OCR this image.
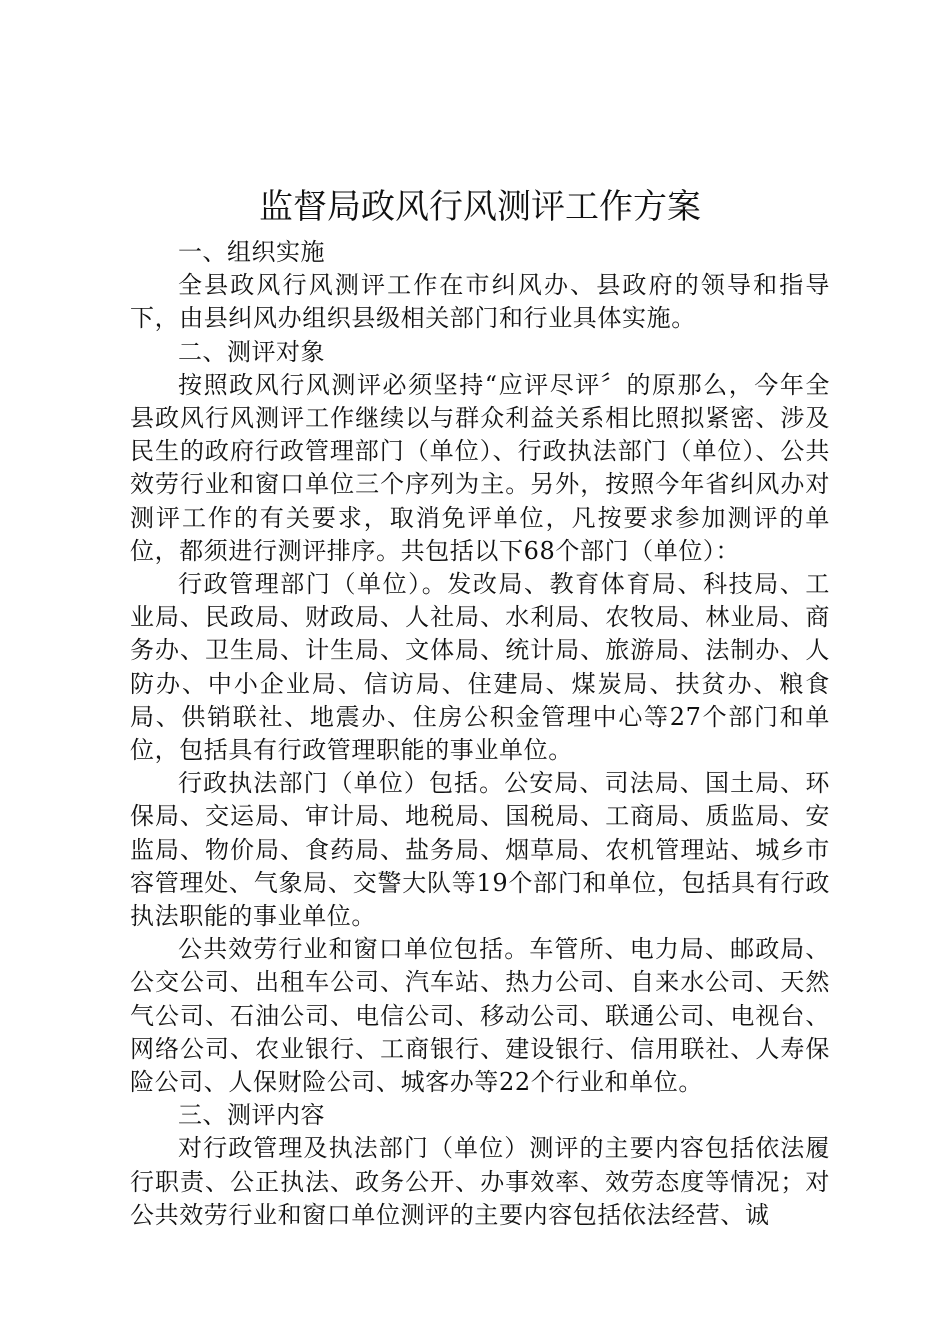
监督局政风行风测评工作方案

一、组织实施

全县政风行风测评工作在市纠风办、县政府的领导和指导下，由县纠风办组织县级相关部门和行业具体实施。

二、测评对象

按照政风行风测评必须坚持“应评尽评〞的原那么，今年全县政风行风测评工作继续以与群众利益关系相比照拟紧密、涉及民生的政府行政管理部门（单位）、行政执法部门（单位）、公共效劳行业和窗口单位三个序列为主。另外，按照今年省纠风办对测评工作的有关要求，取消免评单位，凡按要求参加测评的单位，都须进行测评排序。共包括以下68个部门（单位）：

行政管理部门（单位）。发改局、教育体育局、科技局、工业局、民政局、财政局、人社局、水利局、农牧局、林业局、商务办、卫生局、计生局、文体局、统计局、旅游局、法制办、人防办、中小企业局、信访局、住建局、煤炭局、扶贫办、粮食局、供销联社、地震办、住房公积金管理中心等27个部门和单位，包括具有行政管理职能的事业单位。

行政执法部门（单位）包括。公安局、司法局、国土局、环保局、交运局、审计局、地税局、国税局、工商局、质监局、安监局、物价局、食药局、盐务局、烟草局、农机管理站、城乡市容管理处、气象局、交警大队等19个部门和单位，包括具有行政执法职能的事业单位。

公共效劳行业和窗口单位包括。车管所、电力局、邮政局、公交公司、出租车公司、汽车站、热力公司、自来水公司、天然气公司、石油公司、电信公司、移动公司、联通公司、电视台、网络公司、农业银行、工商银行、建设银行、信用联社、人寿保险公司、人保财险公司、城客办等22个行业和单位。

三、测评内容

对行政管理及执法部门（单位）测评的主要内容包括依法履行职责、公正执法、政务公开、办事效率、效劳态度等情况；对公共效劳行业和窗口单位测评的主要内容包括依法经营、诚
